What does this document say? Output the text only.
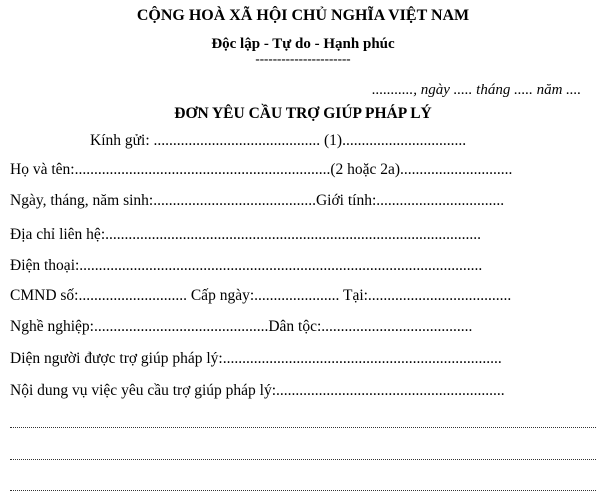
CỘNG HOÀ XÃ HỘI CHỦ NGHĨA VIỆT NAM
Độc lập - Tự do - Hạnh phúc
----------------------
..........., ngày ..... tháng ..... năm ....
ĐƠN YÊU CẦU TRỢ GIÚP PHÁP LÝ
Kính gửi: ........................................... (1)................................
Họ và tên:..................................................................(2 hoặc 2a).............................
Ngày, tháng, năm sinh:..........................................Giới tính:.................................
Địa chỉ liên hệ:.................................................................................................
Điện thoại:........................................................................................................
CMND số:............................ Cấp ngày:...................... Tại:.....................................
Nghề nghiệp:.............................................Dân tộc:.......................................
Diện người được trợ giúp pháp lý:........................................................................
Nội dung vụ việc yêu cầu trợ giúp pháp lý:...........................................................
